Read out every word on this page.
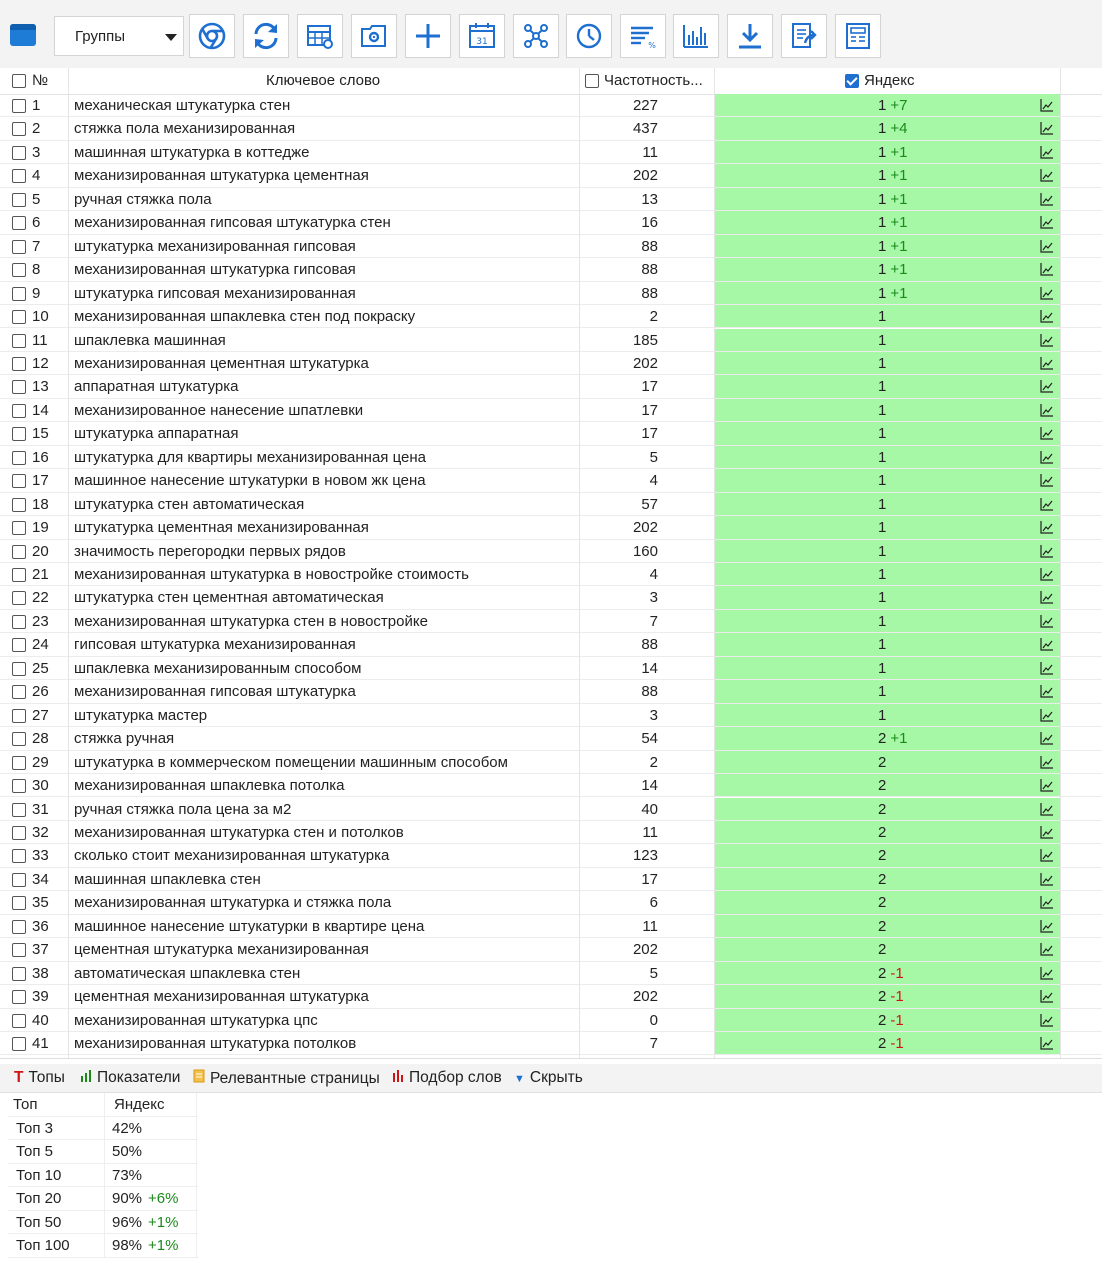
Группы	31	%
№	Ключевое слово	Частотность...	Яндекс
1 механическая штукатурка стен	227	1 +7
2 стяжка пола механизированная	437	1 +4
3 машинная штукатурка в коттедже	11	1 +1
4 механизированная штукатурка цементная	202	1 +1
5 ручная стяжка пола	13	1 +1
6 механизированная гипсовая штукатурка стен	16	1 +1
7 штукатурка механизированная гипсовая	88	1 +1
8 механизированная штукатурка гипсовая	88	1 +1
9 штукатурка гипсовая механизированная	88	1 +1
10 механизированная шпаклевка стен под покраску	2	1
11 шпаклевка машинная	185	1
12 механизированная цементная штукатурка	202	1
13 аппаратная штукатурка	17	1
14 механизированное нанесение шпатлевки	17	1
15 штукатурка аппаратная	17	1
16 штукатурка для квартиры механизированная цена	5	1
17 машинное нанесение штукатурки в новом жк цена	4	1
18 штукатурка стен автоматическая	57	1
19 штукатурка цементная механизированная	202	1
20 значимость перегородки первых рядов	160	1
21 механизированная штукатурка в новостройке стоимость	4	1
22 штукатурка стен цементная автоматическая	3	1
23 механизированная штукатурка стен в новостройке	7	1
24 гипсовая штукатурка механизированная	88	1
25 шпаклевка механизированным способом	14	1
26 механизированная гипсовая штукатурка	88	1
27 штукатурка мастер	3	1
28 стяжка ручная	54	2 +1
29 штукатурка в коммерческом помещении машинным способом	2	2
30 механизированная шпаклевка потолка	14	2
31 ручная стяжка пола цена за м2	40	2
32 механизированная штукатурка стен и потолков	11	2
33 сколько стоит механизированная штукатурка	123	2
34 машинная шпаклевка стен	17	2
35 механизированная штукатурка и стяжка пола	6	2
36 машинное нанесение штукатурки в квартире цена	11	2
37 цементная штукатурка механизированная	202	2
38 автоматическая шпаклевка стен	5	2 -1
39 цементная механизированная штукатурка	202	2 -1
40 механизированная штукатурка цпс	0	2 -1
41 механизированная штукатурка потолков	7	2 -1
T Топы	Показатели	Релевантные страницы	Подбор слов ▼ Скрыть
Топ	Яндекс
Топ 3	42%
Топ 5	50%
Топ 10	73%
Топ 20	90% +6%
Топ 50	96% +1%
Топ 100	98% +1%
